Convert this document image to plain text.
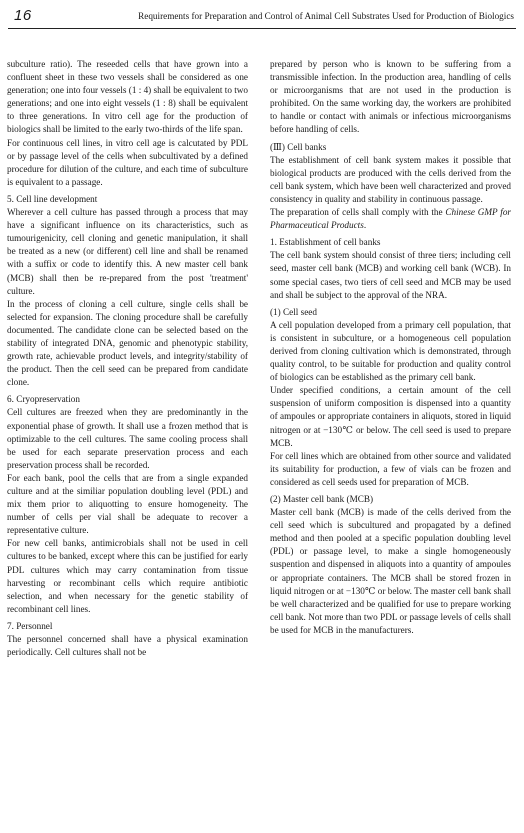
16	Requirements for Preparation and Control of Animal Cell Substrates Used for Production of Biologics

subculture ratio). The reseeded cells that have grown into a confluent sheet in these two vessels shall be considered as one generation; one into four vessels (1 : 4) shall be equivalent to two generations; and one into eight vessels (1 : 8) shall be equivalent to three generations. In vitro cell age for the production of biologics shall be limited to the early two-thirds of the life span.

For continuous cell lines, in vitro cell age is calcutated by PDL or by passage level of the cells when subcultivated by a defined procedure for dilution of the culture, and each time of subculture is equivalent to a passage.

5. Cell line development

Wherever a cell culture has passed through a process that may have a significant influence on its characteristics, such as tumourigenicity, cell cloning and genetic manipulation, it shall be treated as a new (or different) cell line and shall be renamed with a suffix or code to identify this. A new master cell bank (MCB) shall then be re-prepared from the post 'treatment' culture.

In the process of cloning a cell culture, single cells shall be selected for expansion. The cloning procedure shall be carefully documented. The candidate clone can be selected based on the stability of integrated DNA, genomic and phenotypic stability, growth rate, achievable product levels, and integrity/stability of the product. Then the cell seed can be prepared from candidate clone.

6. Cryopreservation

Cell cultures are freezed when they are predominantly in the exponential phase of growth. It shall use a frozen method that is optimizable to the cell cultures. The same cooling process shall be used for each separate preservation process and each preservation process shall be recorded.

For each bank, pool the cells that are from a single expanded culture and at the similiar population doubling level (PDL) and mix them prior to aliquotting to ensure homogeneity. The number of cells per vial shall be adequate to recover a representative culture.

For new cell banks, antimicrobials shall not be used in cell cultures to be banked, except where this can be justified for early PDL cultures which may carry contamination from tissue harvesting or recombinant cells which require antibiotic selection, and when necessary for the genetic stability of recombinant cell lines.

7. Personnel

The personnel concerned shall have a physical examination periodically. Cell cultures shall not be

prepared by person who is known to be suffering from a transmissible infection. In the production area, handling of cells or microorganisms that are not used in the production is prohibited. On the same working day, the workers are prohibited to handle or contact with animals or infectious microorganisms before handling of cells.

(Ⅲ) Cell banks

The establishment of cell bank system makes it possible that biological products are produced with the cells derived from the cell bank system, which have been well characterized and proved consistency in quality and stability in continuous passage.

The preparation of cells shall comply with the Chinese GMP for Pharmaceutical Products.

1. Establishment of cell banks

The cell bank system should consist of three tiers; including cell seed, master cell bank (MCB) and working cell bank (WCB). In some special cases, two tiers of cell seed and MCB may be used and shall be subject to the approval of the NRA.

(1) Cell seed

A cell population developed from a primary cell population, that is consistent in subculture, or a homogeneous cell population derived from cloning cultivation which is demonstrated, through quality control, to be suitable for production and quality control of biologics can be established as the primary cell bank.

Under specified conditions, a certain amount of the cell suspension of uniform composition is dispensed into a quantity of ampoules or appropriate containers in aliquots, stored in liquid nitrogen or at −130℃ or below. The cell seed is used to prepare MCB.

For cell lines which are obtained from other source and validated its suitability for production, a few of vials can be frozen and considered as cell seeds used for preparation of MCB.

(2) Master cell bank (MCB)

Master cell bank (MCB) is made of the cells derived from the cell seed which is subcultured and propagated by a defined method and then pooled at a specific population doubling level (PDL) or passage level, to make a single homogeneously suspention and dispensed in aliquots into a quantity of ampoules or appropriate containers. The MCB shall be stored frozen in liquid nitrogen or at −130℃ or below. The master cell bank shall be well characterized and be qualified for use to prepare working cell bank. Not more than two PDL or passage levels of cells shall be used for MCB in the manufacturers.
